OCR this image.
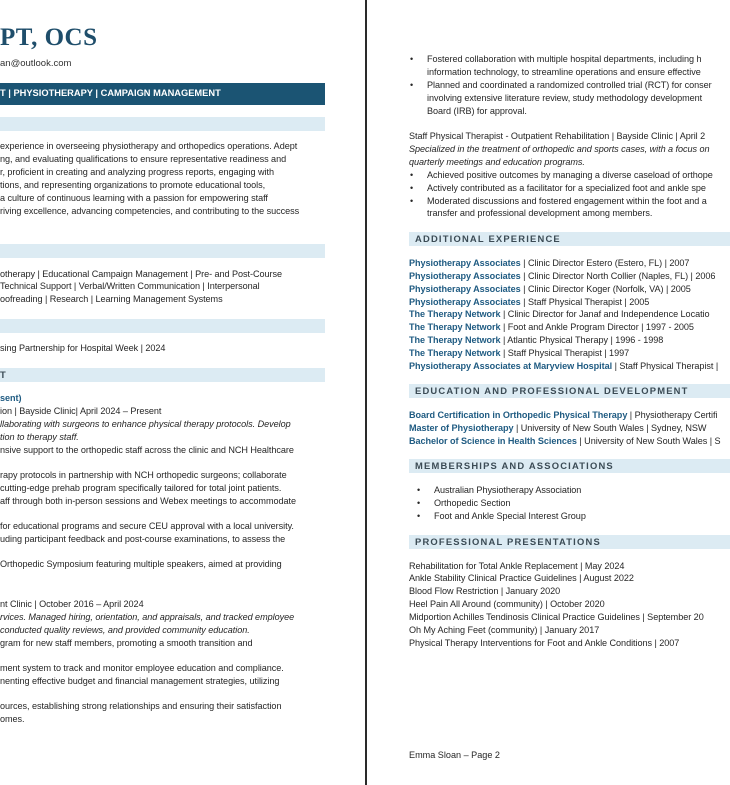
PT, OCS
an@outlook.com
T | PHYSIOTHERAPY | CAMPAIGN MANAGEMENT
experience in overseeing physiotherapy and orthopedics operations. Adept
ng, and evaluating qualifications to ensure representative readiness and
r, proficient in creating and analyzing progress reports, engaging with
tions, and representing organizations to promote educational tools,
a culture of continuous learning with a passion for empowering staff
riving excellence, advancing competencies, and contributing to the success
otherapy | Educational Campaign Management | Pre- and Post-Course
Technical Support | Verbal/Written Communication | Interpersonal
oofreading | Research | Learning Management Systems
sing Partnership for Hospital Week | 2024
T
sent)
ion | Bayside Clinic| April 2024 – Present
llaborating with surgeons to enhance physical therapy protocols. Develop
tion to therapy staff.
nsive support to the orthopedic staff across the clinic and NCH Healthcare
rapy protocols in partnership with NCH orthopedic surgeons; collaborate
cutting-edge prehab program specifically tailored for total joint patients.
aff through both in-person sessions and Webex meetings to accommodate
for educational programs and secure CEU approval with a local university.
uding participant feedback and post-course examinations, to assess the
Orthopedic Symposium featuring multiple speakers, aimed at providing
nt Clinic | October 2016 – April 2024
rvices. Managed hiring, orientation, and appraisals, and tracked employee
conducted quality reviews, and provided community education.
gram for new staff members, promoting a smooth transition and
ment system to track and monitor employee education and compliance.
nenting effective budget and financial management strategies, utilizing
ources, establishing strong relationships and ensuring their satisfaction
omes.
• Fostered collaboration with multiple hospital departments, including h
information technology, to streamline operations and ensure effective
• Planned and coordinated a randomized controlled trial (RCT) for conser
involving extensive literature review, study methodology development
Board (IRB) for approval.
Staff Physical Therapist - Outpatient Rehabilitation | Bayside Clinic | April 2
Specialized in the treatment of orthopedic and sports cases, with a focus on
quarterly meetings and education programs.
• Achieved positive outcomes by managing a diverse caseload of orthope
• Actively contributed as a facilitator for a specialized foot and ankle spe
• Moderated discussions and fostered engagement within the foot and a
transfer and professional development among members.
ADDITIONAL EXPERIENCE
Physiotherapy Associates | Clinic Director Estero (Estero, FL) | 2007
Physiotherapy Associates | Clinic Director North Collier (Naples, FL) | 2006
Physiotherapy Associates | Clinic Director Koger (Norfolk, VA) | 2005
Physiotherapy Associates | Staff Physical Therapist | 2005
The Therapy Network | Clinic Director for Janaf and Independence Locatio
The Therapy Network | Foot and Ankle Program Director | 1997 - 2005
The Therapy Network | Atlantic Physical Therapy | 1996 - 1998
The Therapy Network | Staff Physical Therapist | 1997
Physiotherapy Associates at Maryview Hospital | Staff Physical Therapist |
EDUCATION AND PROFESSIONAL DEVELOPMENT
Board Certification in Orthopedic Physical Therapy | Physiotherapy Certifi
Master of Physiotherapy | University of New South Wales | Sydney, NSW
Bachelor of Science in Health Sciences | University of New South Wales | S
MEMBERSHIPS AND ASSOCIATIONS
• Australian Physiotherapy Association
• Orthopedic Section
• Foot and Ankle Special Interest Group
PROFESSIONAL PRESENTATIONS
Rehabilitation for Total Ankle Replacement | May 2024
Ankle Stability Clinical Practice Guidelines | August 2022
Blood Flow Restriction | January 2020
Heel Pain All Around (community) | October 2020
Midportion Achilles Tendinosis Clinical Practice Guidelines | September 20
Oh My Aching Feet (community) | January 2017
Physical Therapy Interventions for Foot and Ankle Conditions | 2007
Emma Sloan – Page 2
